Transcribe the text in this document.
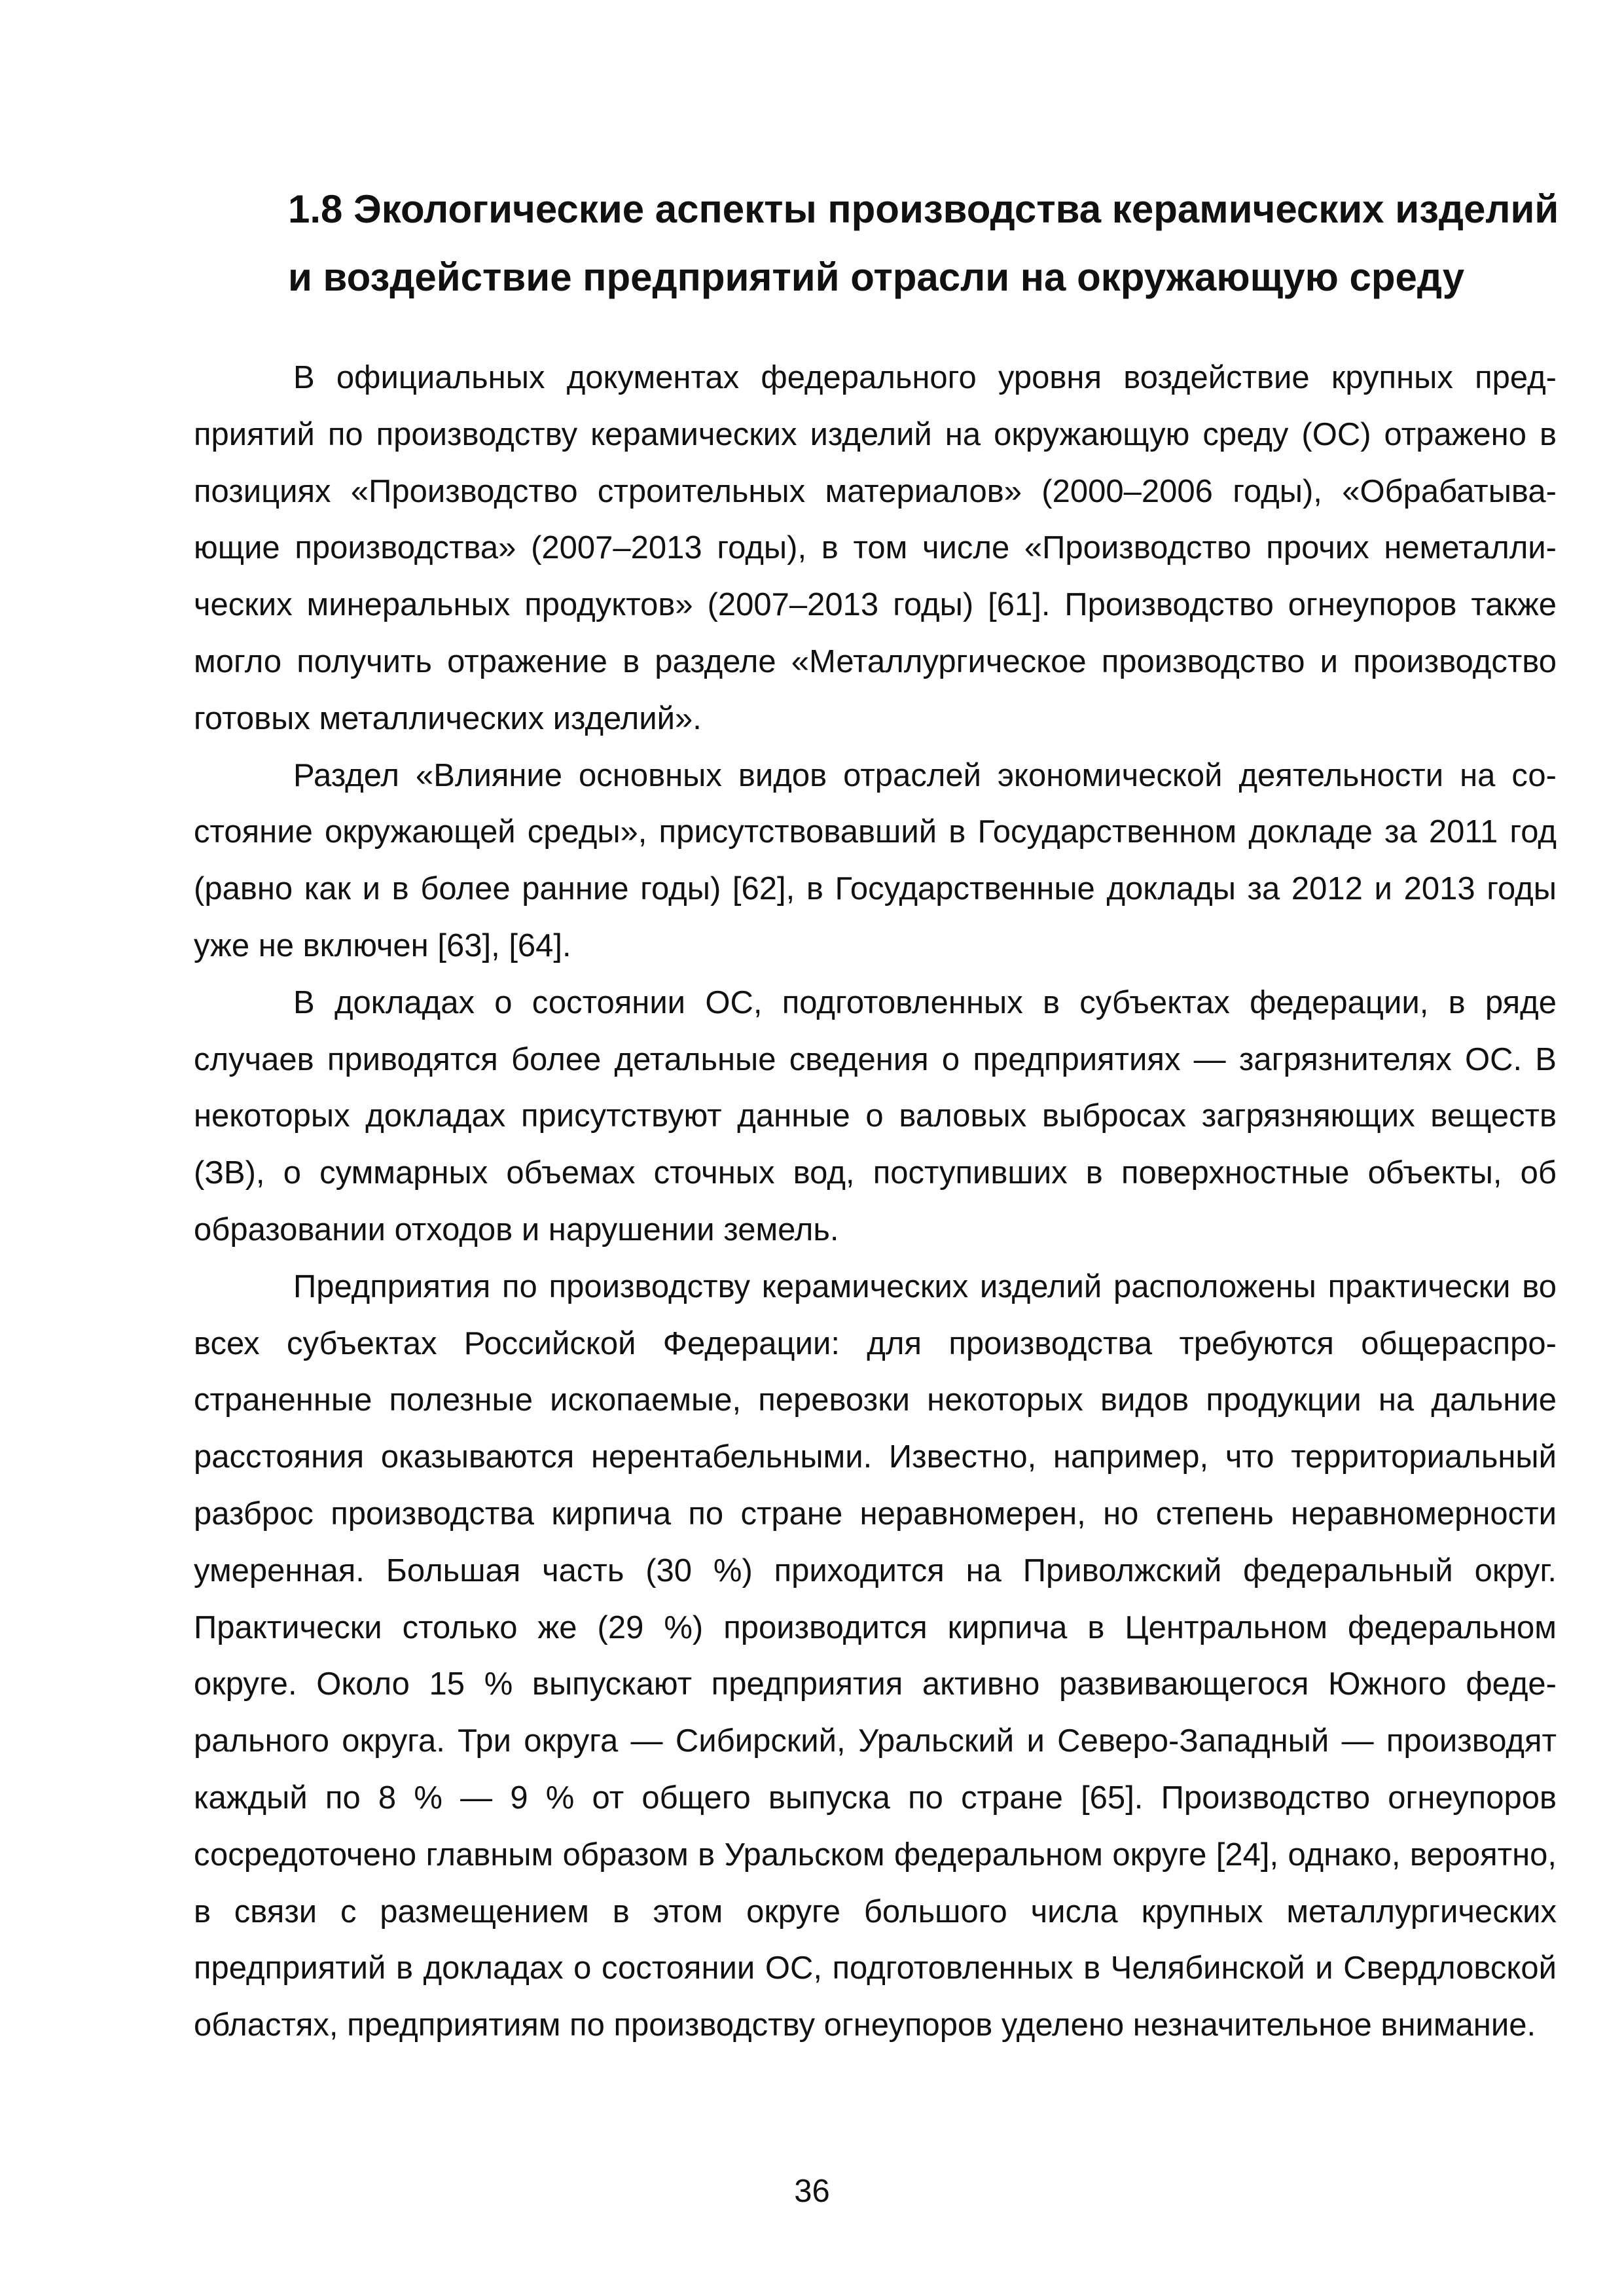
1.8 Экологические аспекты производства керамических изделий
и воздействие предприятий отрасли на окружающую среду

В официальных документах федерального уровня воздействие крупных предприятий по производству керамических изделий на окружающую среду (ОС) отражено в позициях «Производство строительных материалов» (2000–2006 годы), «Обрабатывающие производства» (2007–2013 годы), в том числе «Производство прочих неметаллических минеральных продуктов» (2007–2013 годы) [61]. Производство огнеупоров также могло получить отражение в разделе «Металлургическое производство и производство готовых металлических изделий».

Раздел «Влияние основных видов отраслей экономической деятельности на состояние окружающей среды», присутствовавший в Государственном докладе за 2011 год (равно как и в более ранние годы) [62], в Государственные доклады за 2012 и 2013 годы уже не включен [63], [64].

В докладах о состоянии ОС, подготовленных в субъектах федерации, в ряде случаев приводятся более детальные сведения о предприятиях — загрязнителях ОС. В некоторых докладах присутствуют данные о валовых выбросах загрязняющих веществ (ЗВ), о суммарных объемах сточных вод, поступивших в поверхностные объекты, об образовании отходов и нарушении земель.

Предприятия по производству керамических изделий расположены практически во всех субъектах Российской Федерации: для производства требуются общераспространенные полезные ископаемые, перевозки некоторых видов продукции на дальние расстояния оказываются нерентабельными. Известно, например, что территориальный разброс производства кирпича по стране неравномерен, но степень неравномерности умеренная. Большая часть (30 %) приходится на Приволжский федеральный округ. Практически столько же (29 %) производится кирпича в Центральном федеральном округе. Около 15 % выпускают предприятия активно развивающегося Южного федерального округа. Три округа — Сибирский, Уральский и Северо-Западный — производят каждый по 8 % — 9 % от общего выпуска по стране [65]. Производство огнеупоров сосредоточено главным образом в Уральском федеральном округе [24], однако, вероятно, в связи с размещением в этом округе большого числа крупных металлургических предприятий в докладах о состоянии ОС, подготовленных в Челябинской и Свердловской областях, предприятиям по производству огнеупоров уделено незначительное внимание.

36
